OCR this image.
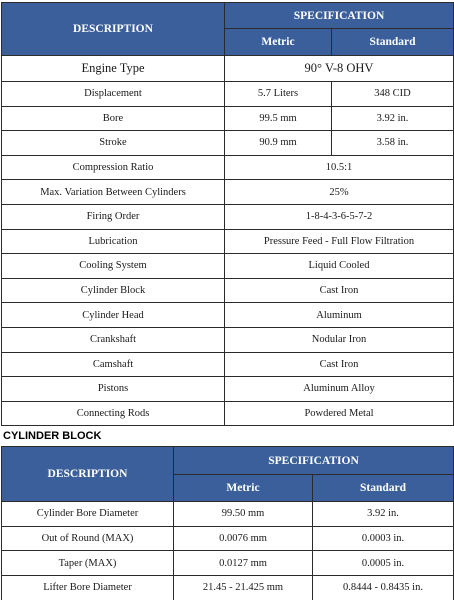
DESCRIPTION	SPECIFICATION	
	Metric	Standard
Engine Type	90° V-8 OHV	
Displacement	5.7 Liters	348 CID
Bore	99.5 mm	3.92 in.
Stroke	90.9 mm	3.58 in.
Compression Ratio	10.5:1	
Max. Variation Between Cylinders	25%	
Firing Order	1-8-4-3-6-5-7-2	
Lubrication	Pressure Feed - Full Flow Filtration	
Cooling System	Liquid Cooled	
Cylinder Block	Cast Iron	
Cylinder Head	Aluminum	
Crankshaft	Nodular Iron	
Camshaft	Cast Iron	
Pistons	Aluminum Alloy	
Connecting Rods	Powdered Metal	
CYLINDER BLOCK
DESCRIPTION	SPECIFICATION	
	Metric	Standard
Cylinder Bore Diameter	99.50 mm	3.92 in.
Out of Round (MAX)	0.0076 mm	0.0003 in.
Taper (MAX)	0.0127 mm	0.0005 in.
Lifter Bore Diameter	21.45 - 21.425 mm	0.8444 - 0.8435 in.
